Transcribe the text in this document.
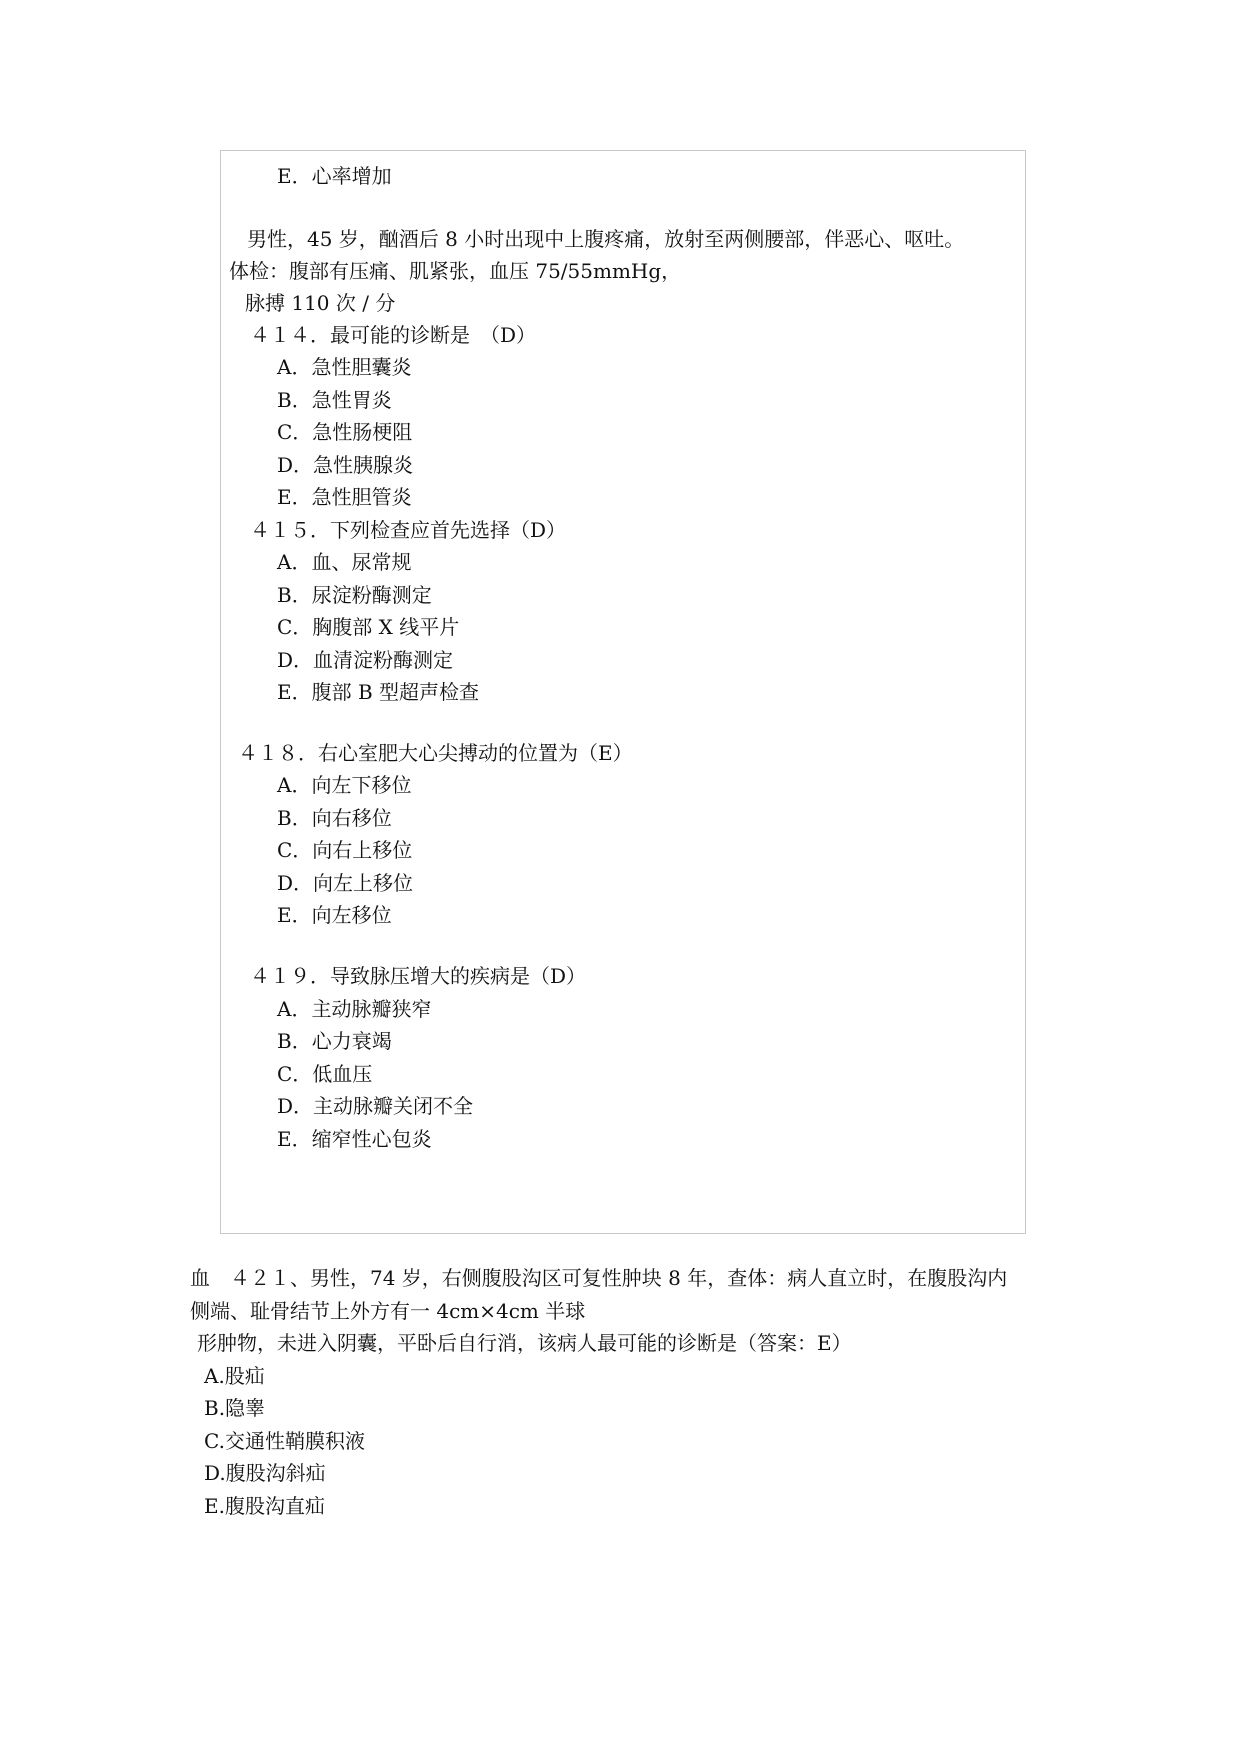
E．心率增加
男性，45 岁，酗酒后 8 小时出现中上腹疼痛，放射至两侧腰部，伴恶心、呕吐。
体检：腹部有压痛、肌紧张，血压 75/55mmHg，
脉搏 110 次 / 分
４１４．最可能的诊断是　（D）
A．急性胆囊炎
B．急性胃炎
C．急性肠梗阻
D．急性胰腺炎
E．急性胆管炎
４１５．下列检查应首先选择（D）
A．血、尿常规
B．尿淀粉酶测定
C．胸腹部 X 线平片
D．血清淀粉酶测定
E．腹部 B 型超声检查
４１８．右心室肥大心尖搏动的位置为（E）
A．向左下移位
B．向右移位
C．向右上移位
D．向左上移位
E．向左移位
４１９．导致脉压增大的疾病是（D）
A．主动脉瓣狭窄
B．心力衰竭
C．低血压
D．主动脉瓣关闭不全
E．缩窄性心包炎
血　４２１、男性，74 岁，右侧腹股沟区可复性肿块 8 年，查体：病人直立时，在腹股沟内
侧端、耻骨结节上外方有一 4cm×4cm 半球
形肿物，未进入阴囊，平卧后自行消，该病人最可能的诊断是（答案：E）
A.股疝
B.隐睾
C.交通性鞘膜积液
D.腹股沟斜疝
E.腹股沟直疝
